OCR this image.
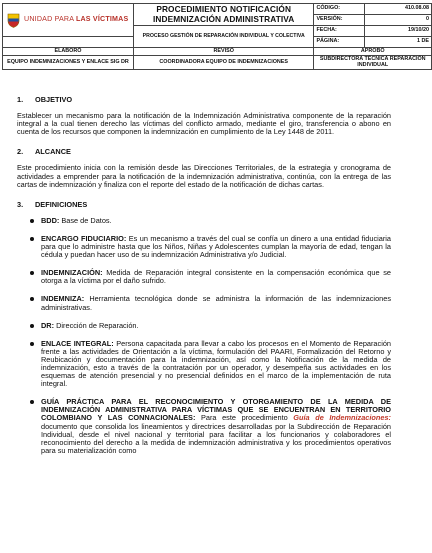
UNIDAD PARA LAS VÍCTIMAS	PROCEDIMIENTO NOTIFICACIÓN INDEMNIZACIÓN ADMINISTRATIVA	CÓDIGO:	410.08.08
		VERSIÓN:	0

	PROCESO GESTIÓN DE REPARACIÓN INDIVIDUAL Y COLECTIVA	FECHA:	19/10/20
		PÁGINA:	1 DE
ELABORÓ	REVISÓ	APROBÓ	
EQUIPO INDEMNIZACIONES Y ENLACE SIG DR	COORDINADORA EQUIPO DE INDEMNIZACIONES	SUBDIRECTORA TÉCNICA REPARACIÓN INDIVIDUAL	
1.	OBJETIVO

Establecer un mecanismo para la notificación de la Indemnización Administrativa componente de la reparación integral a la cual tienen derecho las víctimas del conflicto armado, mediante el giro, transferencia o abono en cuenta de los recursos que componen la indemnización en cumplimiento de la Ley 1448 de 2011.

2.	ALCANCE

Este procedimiento inicia con la remisión desde las Direcciones Territoriales, de la estrategia y cronograma de actividades a emprender para la notificación de la indemnización administrativa, continúa, con la entrega de las cartas de indemnización y finaliza con el reporte del estado de la notificación de dichas cartas.

3.	DEFINICIONES
BDD: Base de Datos.
ENCARGO FIDUCIARIO: Es un mecanismo a través del cual se confía un dinero a una entidad fiduciaria para que lo administre hasta que los Niños, Niñas y Adolescentes cumplan la mayoría de edad, tengan la cédula y puedan hacer uso de su indemnización Administrativa y/o Judicial.
INDEMNIZACIÓN: Medida de Reparación integral consistente en la compensación económica que se otorga a la víctima por el daño sufrido.
INDEMNIZA: Herramienta tecnológica donde se administra la información de las indemnizaciones administrativas.
DR: Dirección de Reparación.
ENLACE INTEGRAL: Persona capacitada para llevar a cabo los procesos en el Momento de Reparación frente a las actividades de Orientación a la víctima, formulación del PAARI, Formalización del Retorno y Reubicación y documentación para la indemnización, así como la Notificación de la medida de indemnización, esto a través de la contratación por un operador, y desempeña sus actividades en los esquemas de atención presencial y no presencial definidos en el marco de la implementación de ruta integral.
GUÍA PRÁCTICA PARA EL RECONOCIMIENTO Y OTORGAMIENTO DE LA MEDIDA DE INDEMNIZACIÓN ADMINISTRATIVA PARA VÍCTIMAS QUE SE ENCUENTRAN EN TERRITORIO COLOMBIANO Y LAS CONNACIONALES: Para este procedimiento Guía de Indemnizaciones: documento que consolida los lineamientos y directrices desarrolladas por la Subdirección de Reparación Individual, desde el nivel nacional y territorial para facilitar a los funcionarios y colaboradores el reconocimiento del derecho a la medida de indemnización administrativa y los procedimientos operativos para su materialización como
